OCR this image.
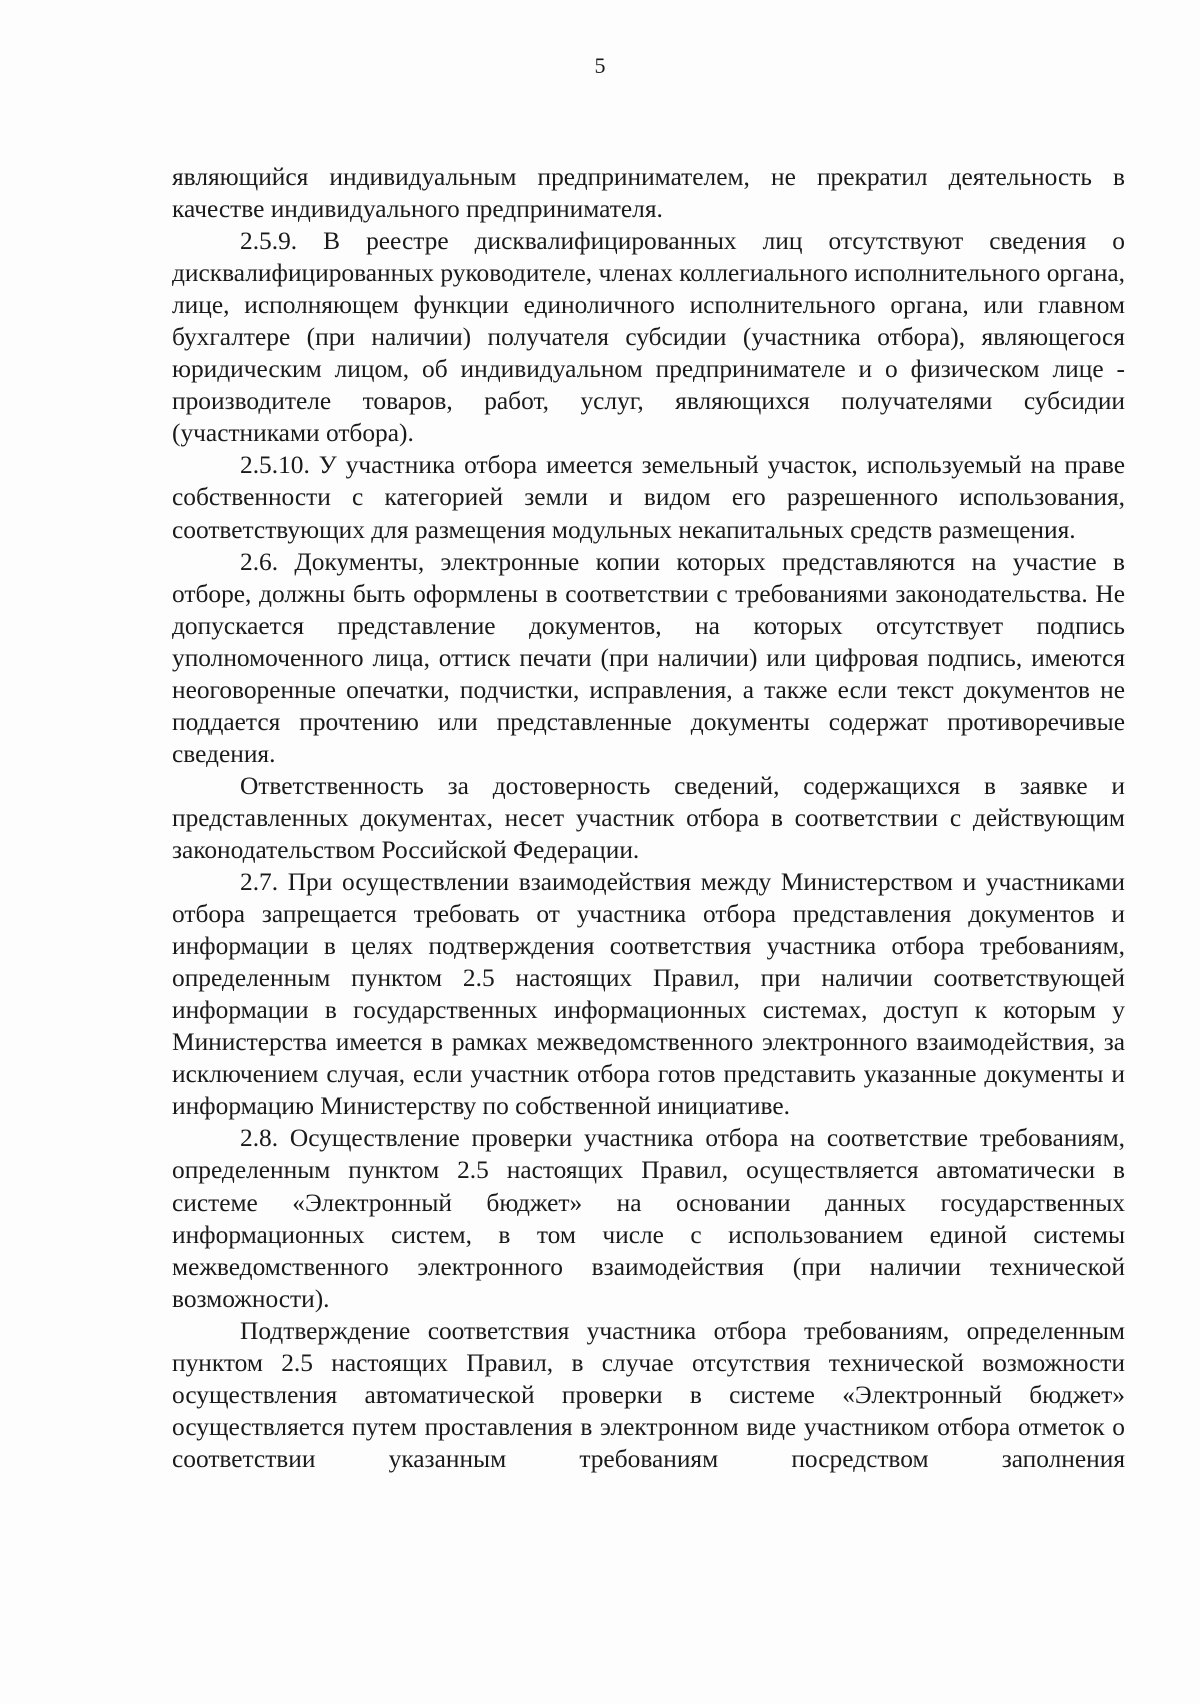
5

являющийся индивидуальным предпринимателем, не прекратил деятельность в качестве индивидуального предпринимателя.

2.5.9. В реестре дисквалифицированных лиц отсутствуют сведения о дисквалифицированных руководителе, членах коллегиального исполнительного органа, лице, исполняющем функции единоличного исполнительного органа, или главном бухгалтере (при наличии) получателя субсидии (участника отбора), являющегося юридическим лицом, об индивидуальном предпринимателе и о физическом лице - производителе товаров, работ, услуг, являющихся получателями субсидии (участниками отбора).

2.5.10. У участника отбора имеется земельный участок, используемый на праве собственности с категорией земли и видом его разрешенного использования, соответствующих для размещения модульных некапитальных средств размещения.

2.6. Документы, электронные копии которых представляются на участие в отборе, должны быть оформлены в соответствии с требованиями законодательства. Не допускается представление документов, на которых отсутствует подпись уполномоченного лица, оттиск печати (при наличии) или цифровая подпись, имеются неоговоренные опечатки, подчистки, исправления, а также если текст документов не поддается прочтению или представленные документы содержат противоречивые сведения.

Ответственность за достоверность сведений, содержащихся в заявке и представленных документах, несет участник отбора в соответствии с действующим законодательством Российской Федерации.

2.7. При осуществлении взаимодействия между Министерством и участниками отбора запрещается требовать от участника отбора представления документов и информации в целях подтверждения соответствия участника отбора требованиям, определенным пунктом 2.5 настоящих Правил, при наличии соответствующей информации в государственных информационных системах, доступ к которым у Министерства имеется в рамках межведомственного электронного взаимодействия, за исключением случая, если участник отбора готов представить указанные документы и информацию Министерству по собственной инициативе.

2.8. Осуществление проверки участника отбора на соответствие требованиям, определенным пунктом 2.5 настоящих Правил, осуществляется автоматически в системе «Электронный бюджет» на основании данных государственных информационных систем, в том числе с использованием единой системы межведомственного электронного взаимодействия (при наличии технической возможности).

Подтверждение соответствия участника отбора требованиям, определенным пунктом 2.5 настоящих Правил, в случае отсутствия технической возможности осуществления автоматической проверки в системе «Электронный бюджет» осуществляется путем проставления в электронном виде участником отбора отметок о соответствии указанным требованиям посредством заполнения
